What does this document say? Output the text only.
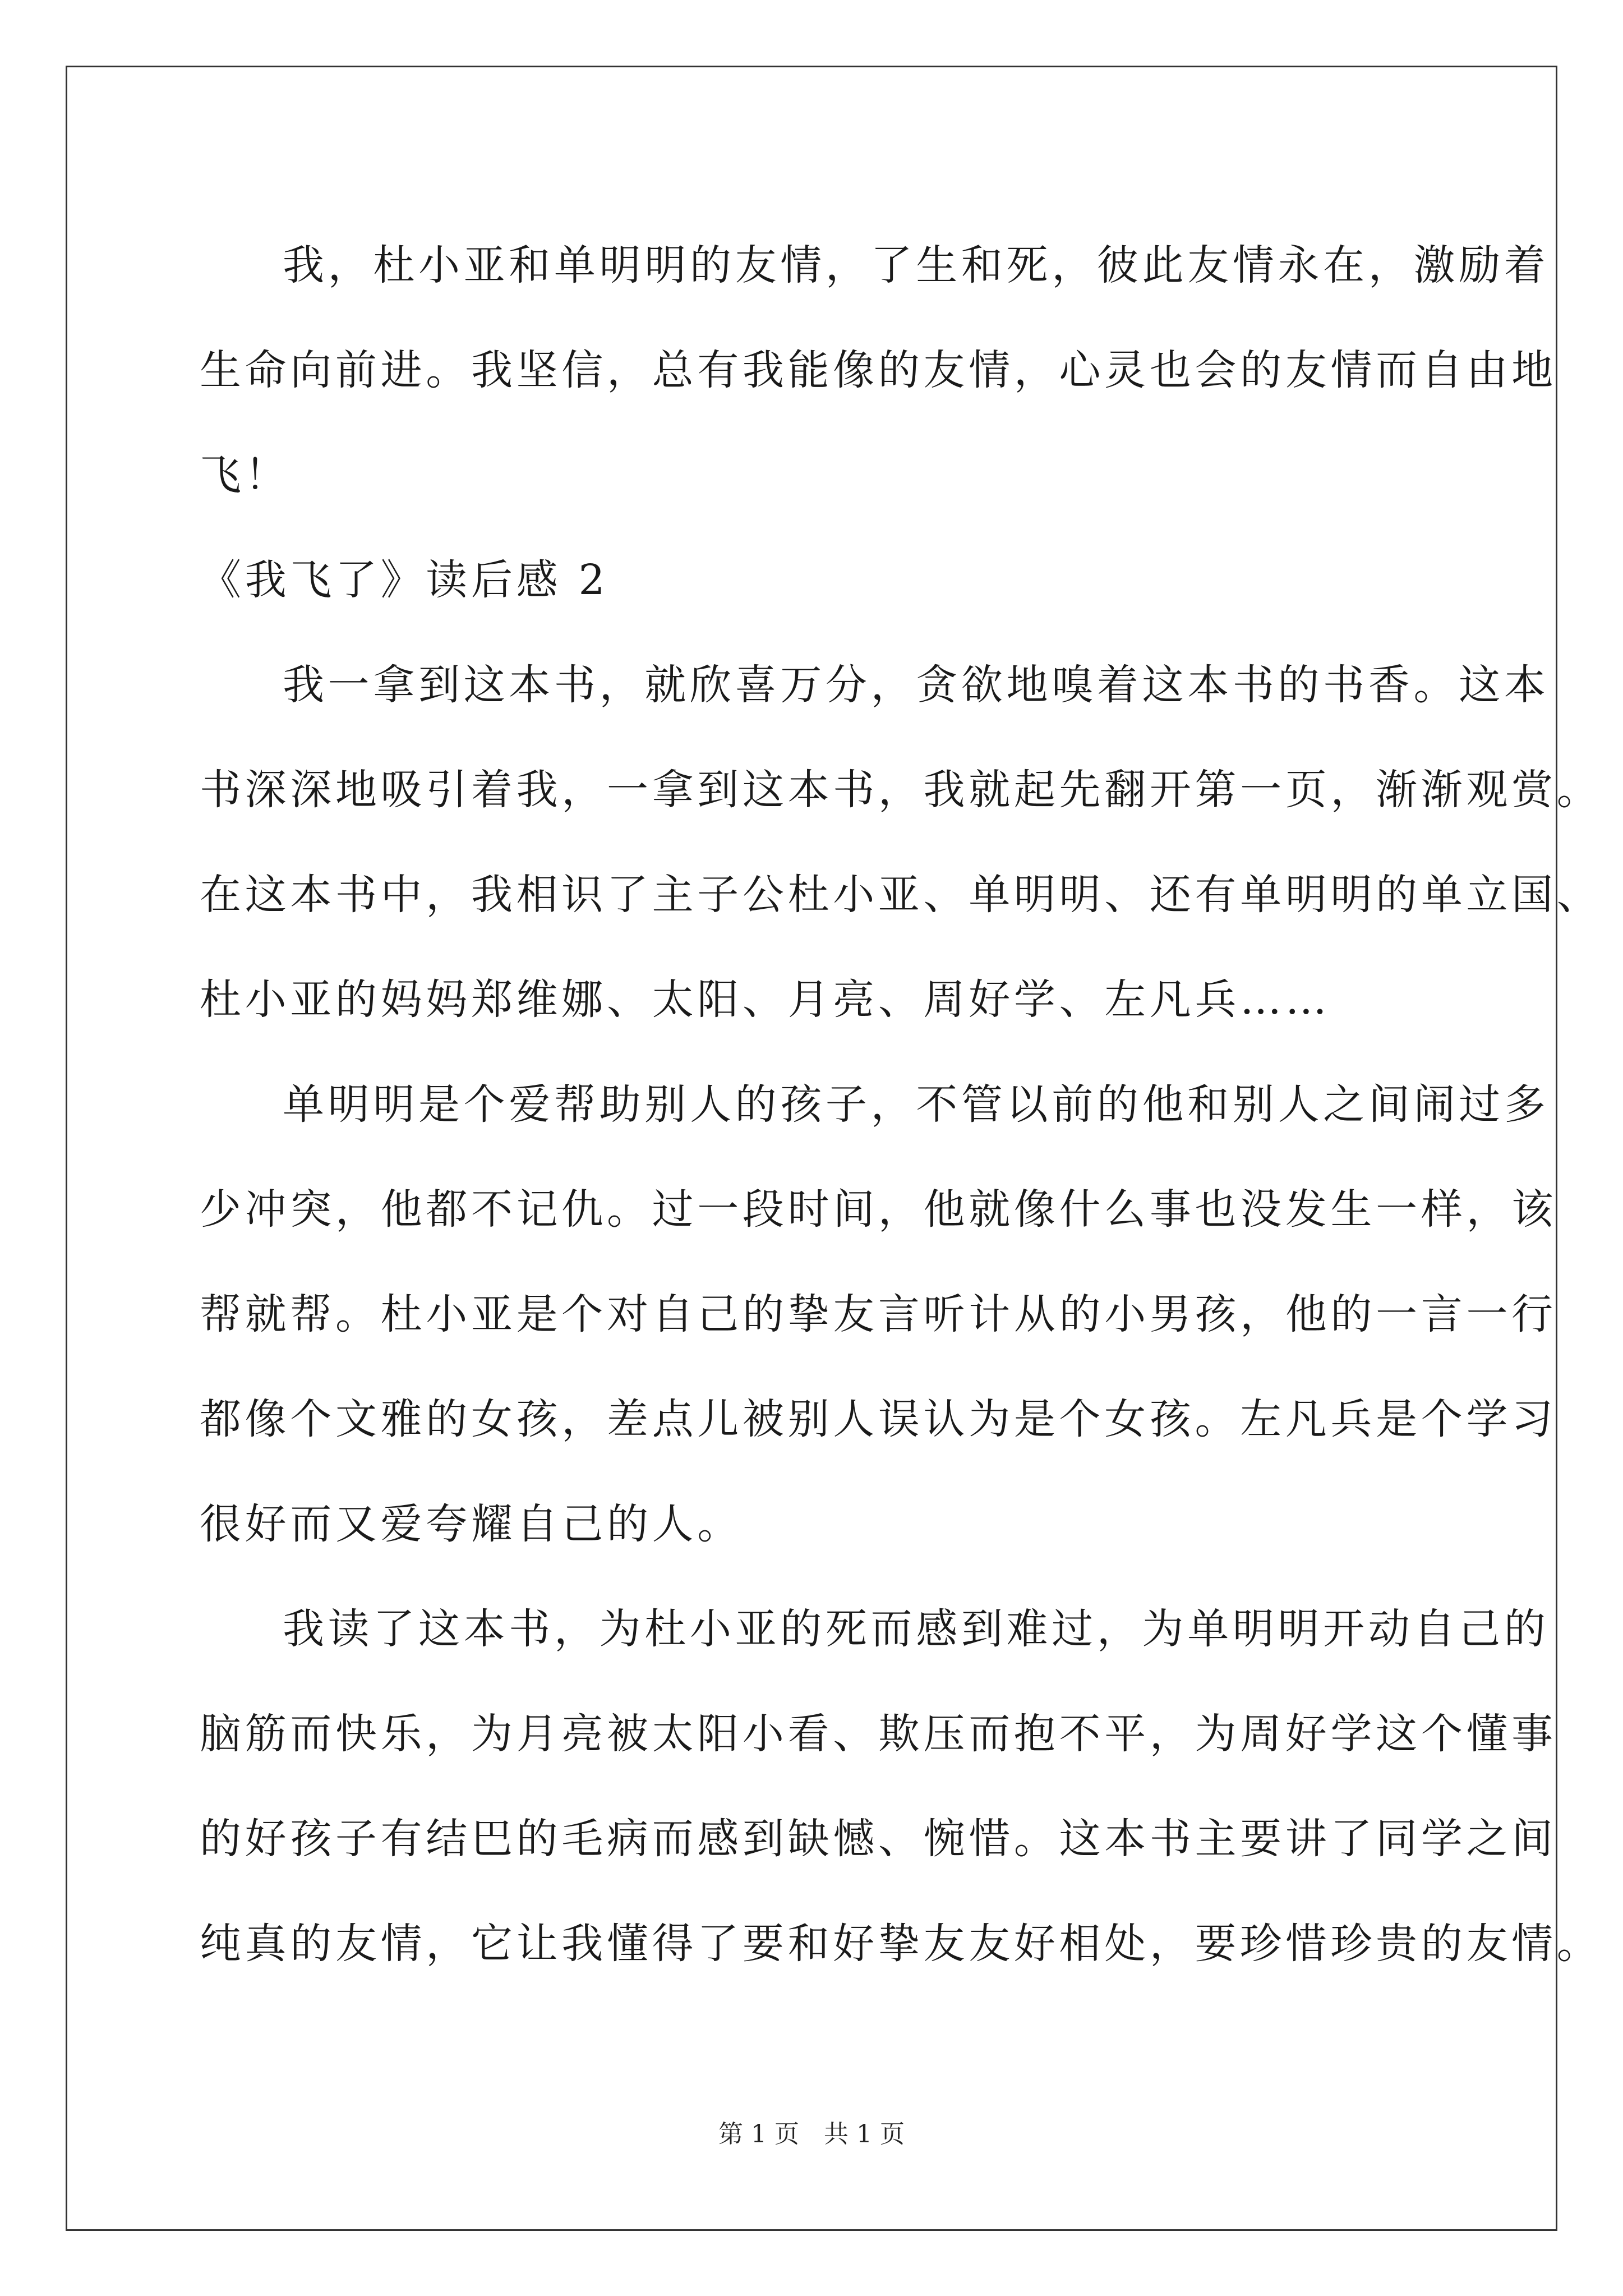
我，杜小亚和单明明的友情，了生和死，彼此友情永在，激励着
生命向前进。我坚信，总有我能像的友情，心灵也会的友情而自由地
飞！

《我飞了》读后感 2

我一拿到这本书，就欣喜万分，贪欲地嗅着这本书的书香。这本
书深深地吸引着我，一拿到这本书，我就起先翻开第一页，渐渐观赏。
在这本书中，我相识了主子公杜小亚、单明明、还有单明明的单立国、
杜小亚的妈妈郑维娜、太阳、月亮、周好学、左凡兵……

单明明是个爱帮助别人的孩子，不管以前的他和别人之间闹过多
少冲突，他都不记仇。过一段时间，他就像什么事也没发生一样，该
帮就帮。杜小亚是个对自己的挚友言听计从的小男孩，他的一言一行
都像个文雅的女孩，差点儿被别人误认为是个女孩。左凡兵是个学习
很好而又爱夸耀自己的人。

我读了这本书，为杜小亚的死而感到难过，为单明明开动自己的
脑筋而快乐，为月亮被太阳小看、欺压而抱不平，为周好学这个懂事
的好孩子有结巴的毛病而感到缺憾、惋惜。这本书主要讲了同学之间
纯真的友情，它让我懂得了要和好挚友友好相处，要珍惜珍贵的友情。

第 1 页 共 1 页
